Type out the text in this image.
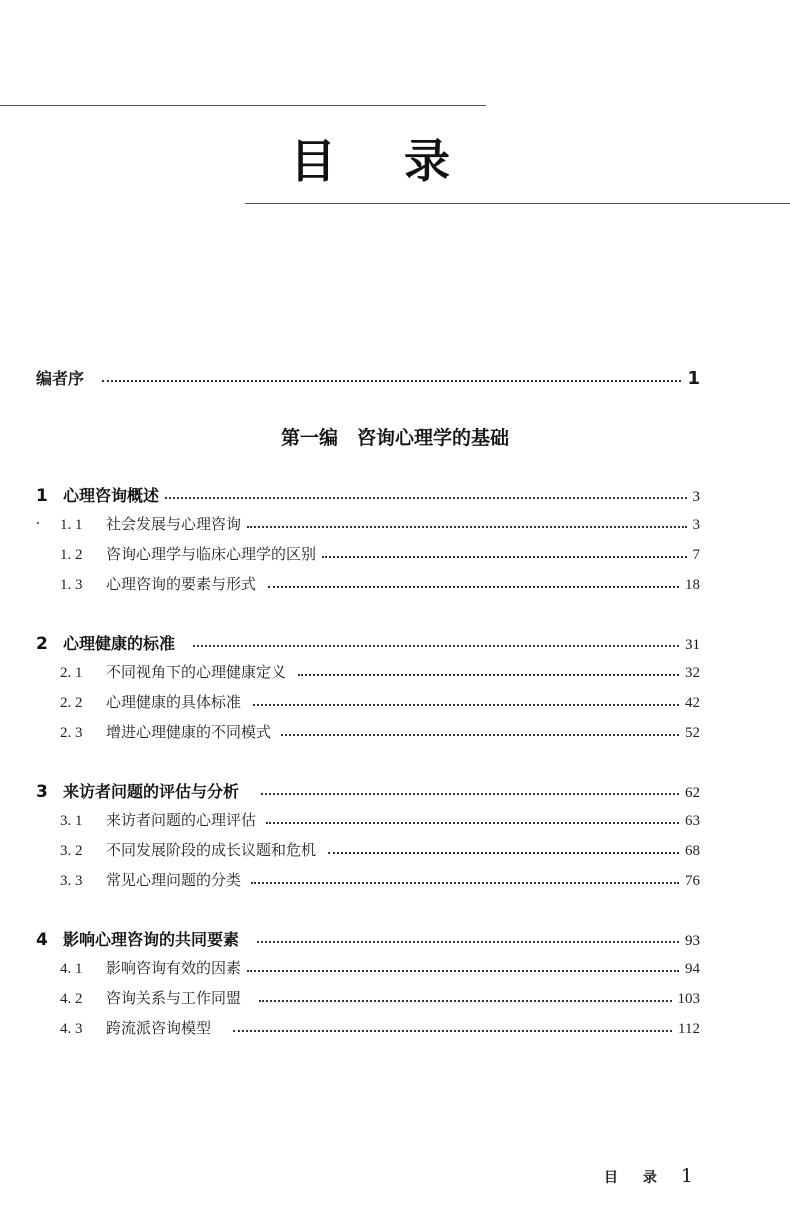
目 录
编者序	1
第一编　咨询心理学的基础
1 心理咨询概述	3
1. 1	社会发展与心理咨询	3
1. 2	咨询心理学与临床心理学的区别	7
1. 3	心理咨询的要素与形式	18
2 心理健康的标准	31
2. 1	不同视角下的心理健康定义	32
2. 2	心理健康的具体标准	42
2. 3	增进心理健康的不同模式	52
3 来访者问题的评估与分析	62
3. 1	来访者问题的心理评估	63
3. 2	不同发展阶段的成长议题和危机	68
3. 3	常见心理问题的分类	76
4 影响心理咨询的共同要素	93
4. 1	影响咨询有效的因素	94
4. 2	咨询关系与工作同盟	103
4. 3	跨流派咨询模型	112
目 录 1
